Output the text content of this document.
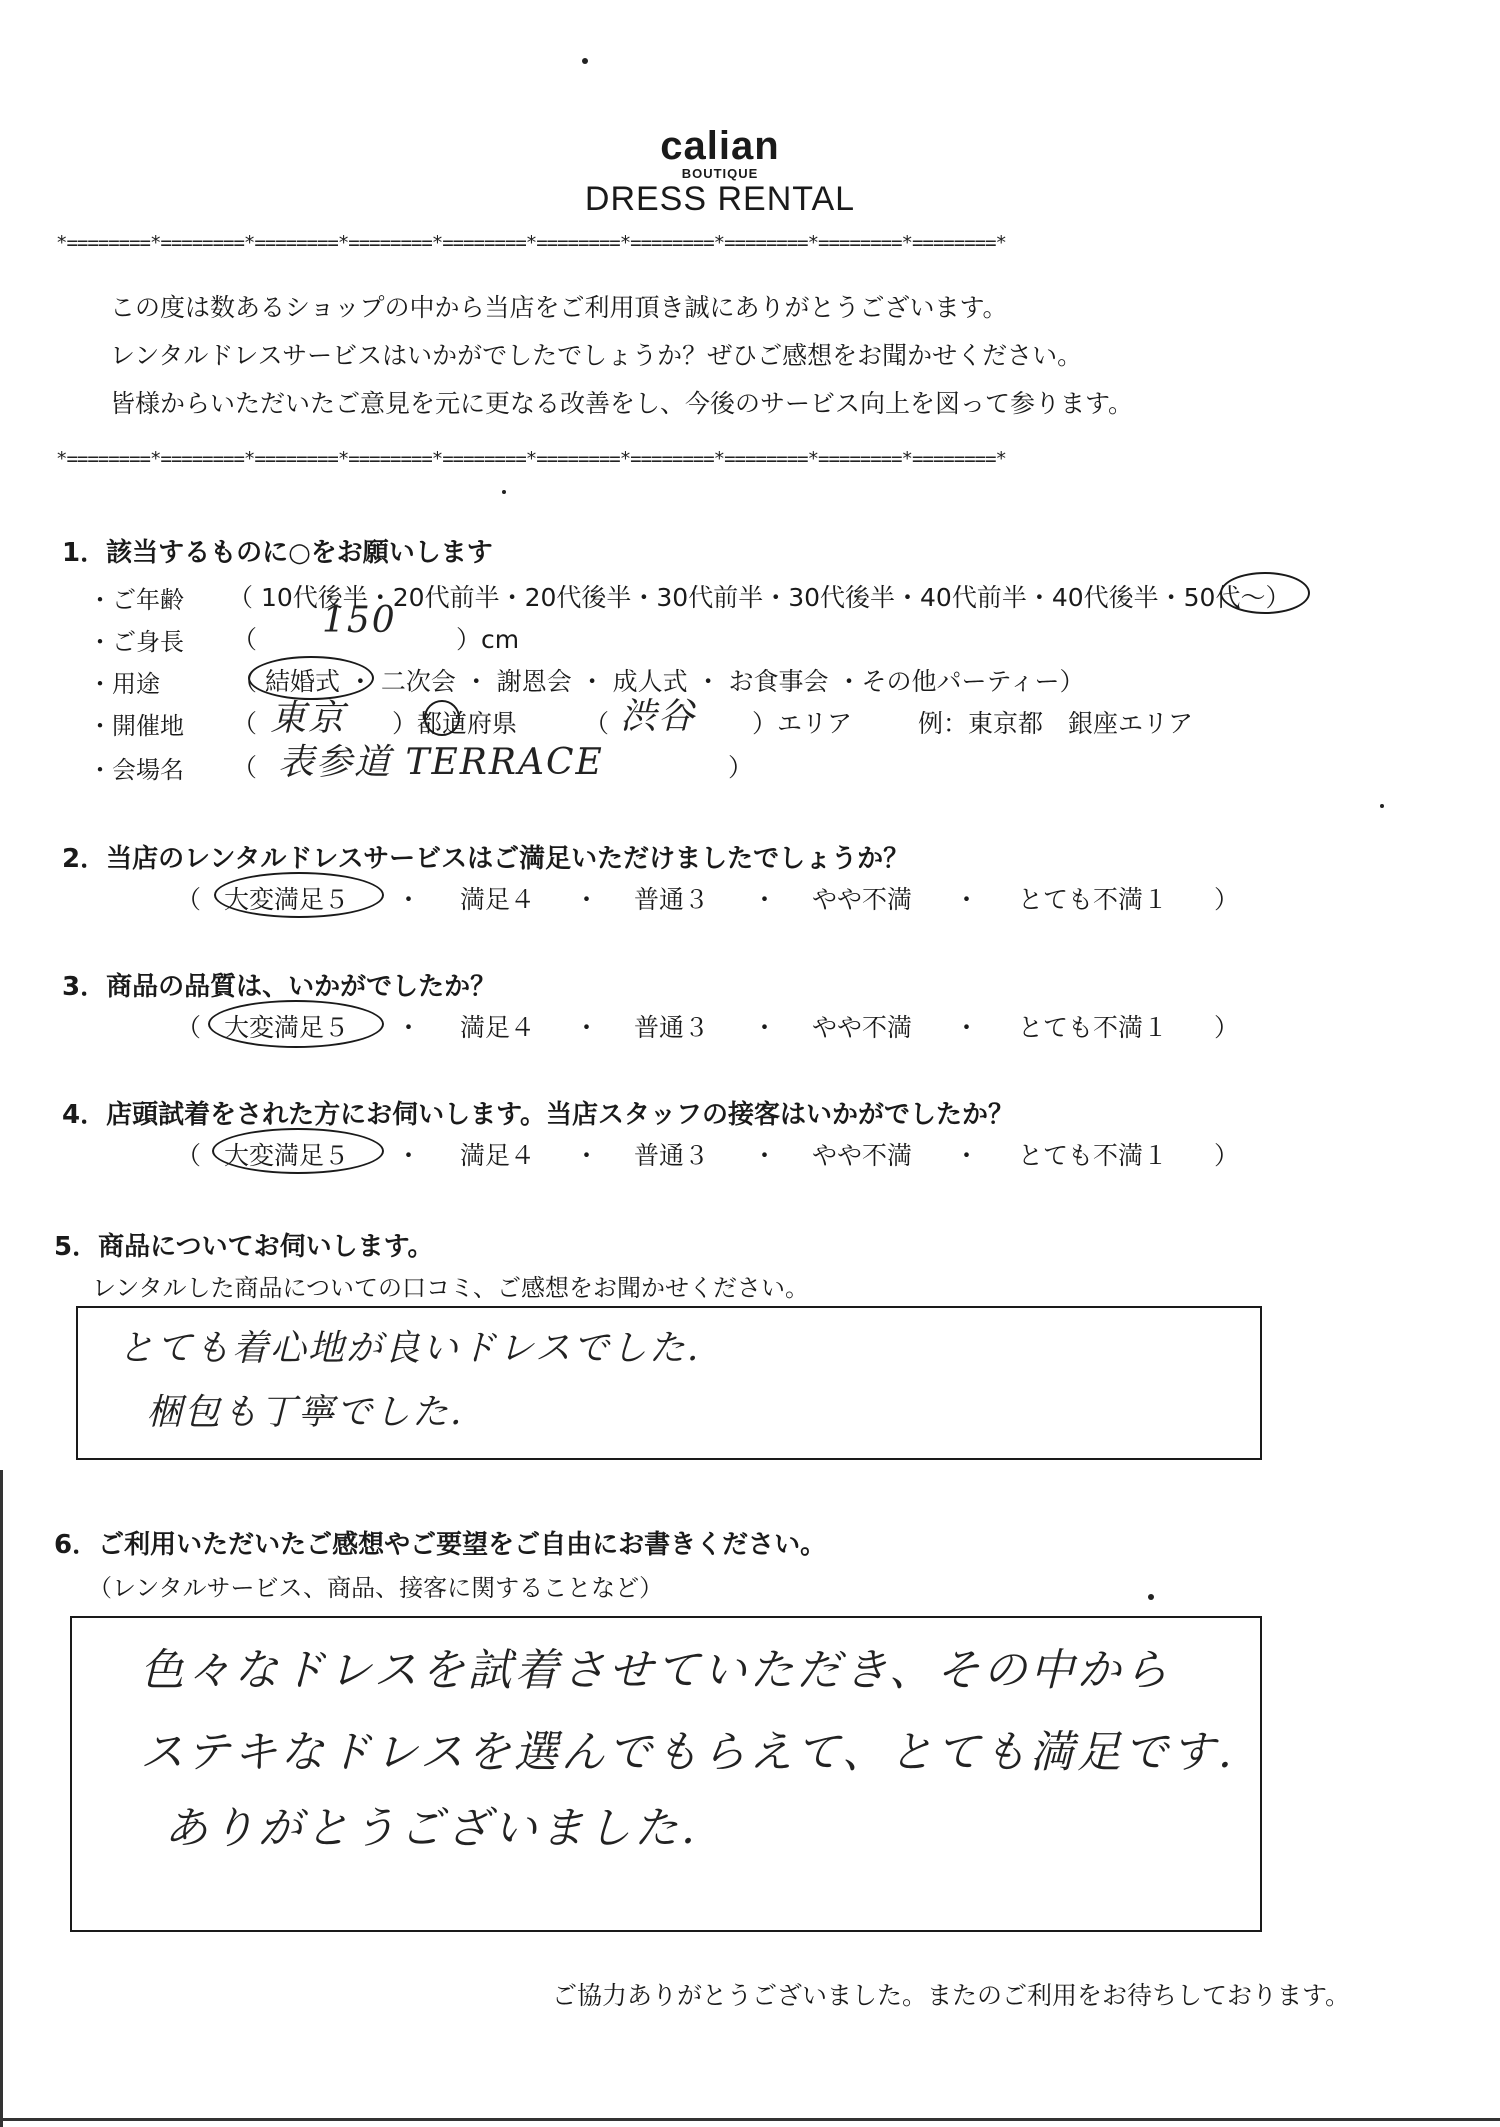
calian
BOUTIQUE
DRESS RENTAL
*========*========*========*========*========*========*========*========*========*========*
この度は数あるショップの中から当店をご利用頂き誠にありがとうございます。
レンタルドレスサービスはいかがでしたでしょうか？ぜひご感想をお聞かせください。
皆様からいただいたご意見を元に更なる改善をし、今後のサービス向上を図って参ります。
*========*========*========*========*========*========*========*========*========*========*
1．該当するものに○をお願いします
・ご年齢 （ 10代後半・20代前半・20代後半・30代前半・30代後半・40代前半・40代後半・50代〜）
・ご身長 （ 150 ）cm
・用途	（ 結婚式 ・ 二次会 ・ 謝恩会 ・ 成人式 ・ お食事会 ・その他パーティー）
・開催地 （ 東京 ）都道府県	（ 渋谷 ）エリア	例：東京都　銀座エリア
・会場名 （ 表参道 TERRACE	）
2．当店のレンタルドレスサービスはご満足いただけましたでしょうか？
（ 大変満足５ ・ 満足４ ・ 普通３ ・ やや不満 ・ とても不満１ ）
3．商品の品質は、いかがでしたか？
（ 大変満足５ ・ 満足４ ・ 普通３ ・ やや不満 ・ とても不満１ ）
4．店頭試着をされた方にお伺いします。当店スタッフの接客はいかがでしたか？
（ 大変満足５ ・ 満足４ ・ 普通３ ・ やや不満 ・ とても不満１ ）
5．商品についてお伺いします。
レンタルした商品についての口コミ、ご感想をお聞かせください。
とても着心地が良いドレスでした.
梱包も丁寧でした.
6．ご利用いただいたご感想やご要望をご自由にお書きください。
（レンタルサービス、商品、接客に関することなど）
色々なドレスを試着させていただき、その中から
ステキなドレスを選んでもらえて、とても満足です.
ありがとうございました.
ご協力ありがとうございました。またのご利用をお待ちしております。
